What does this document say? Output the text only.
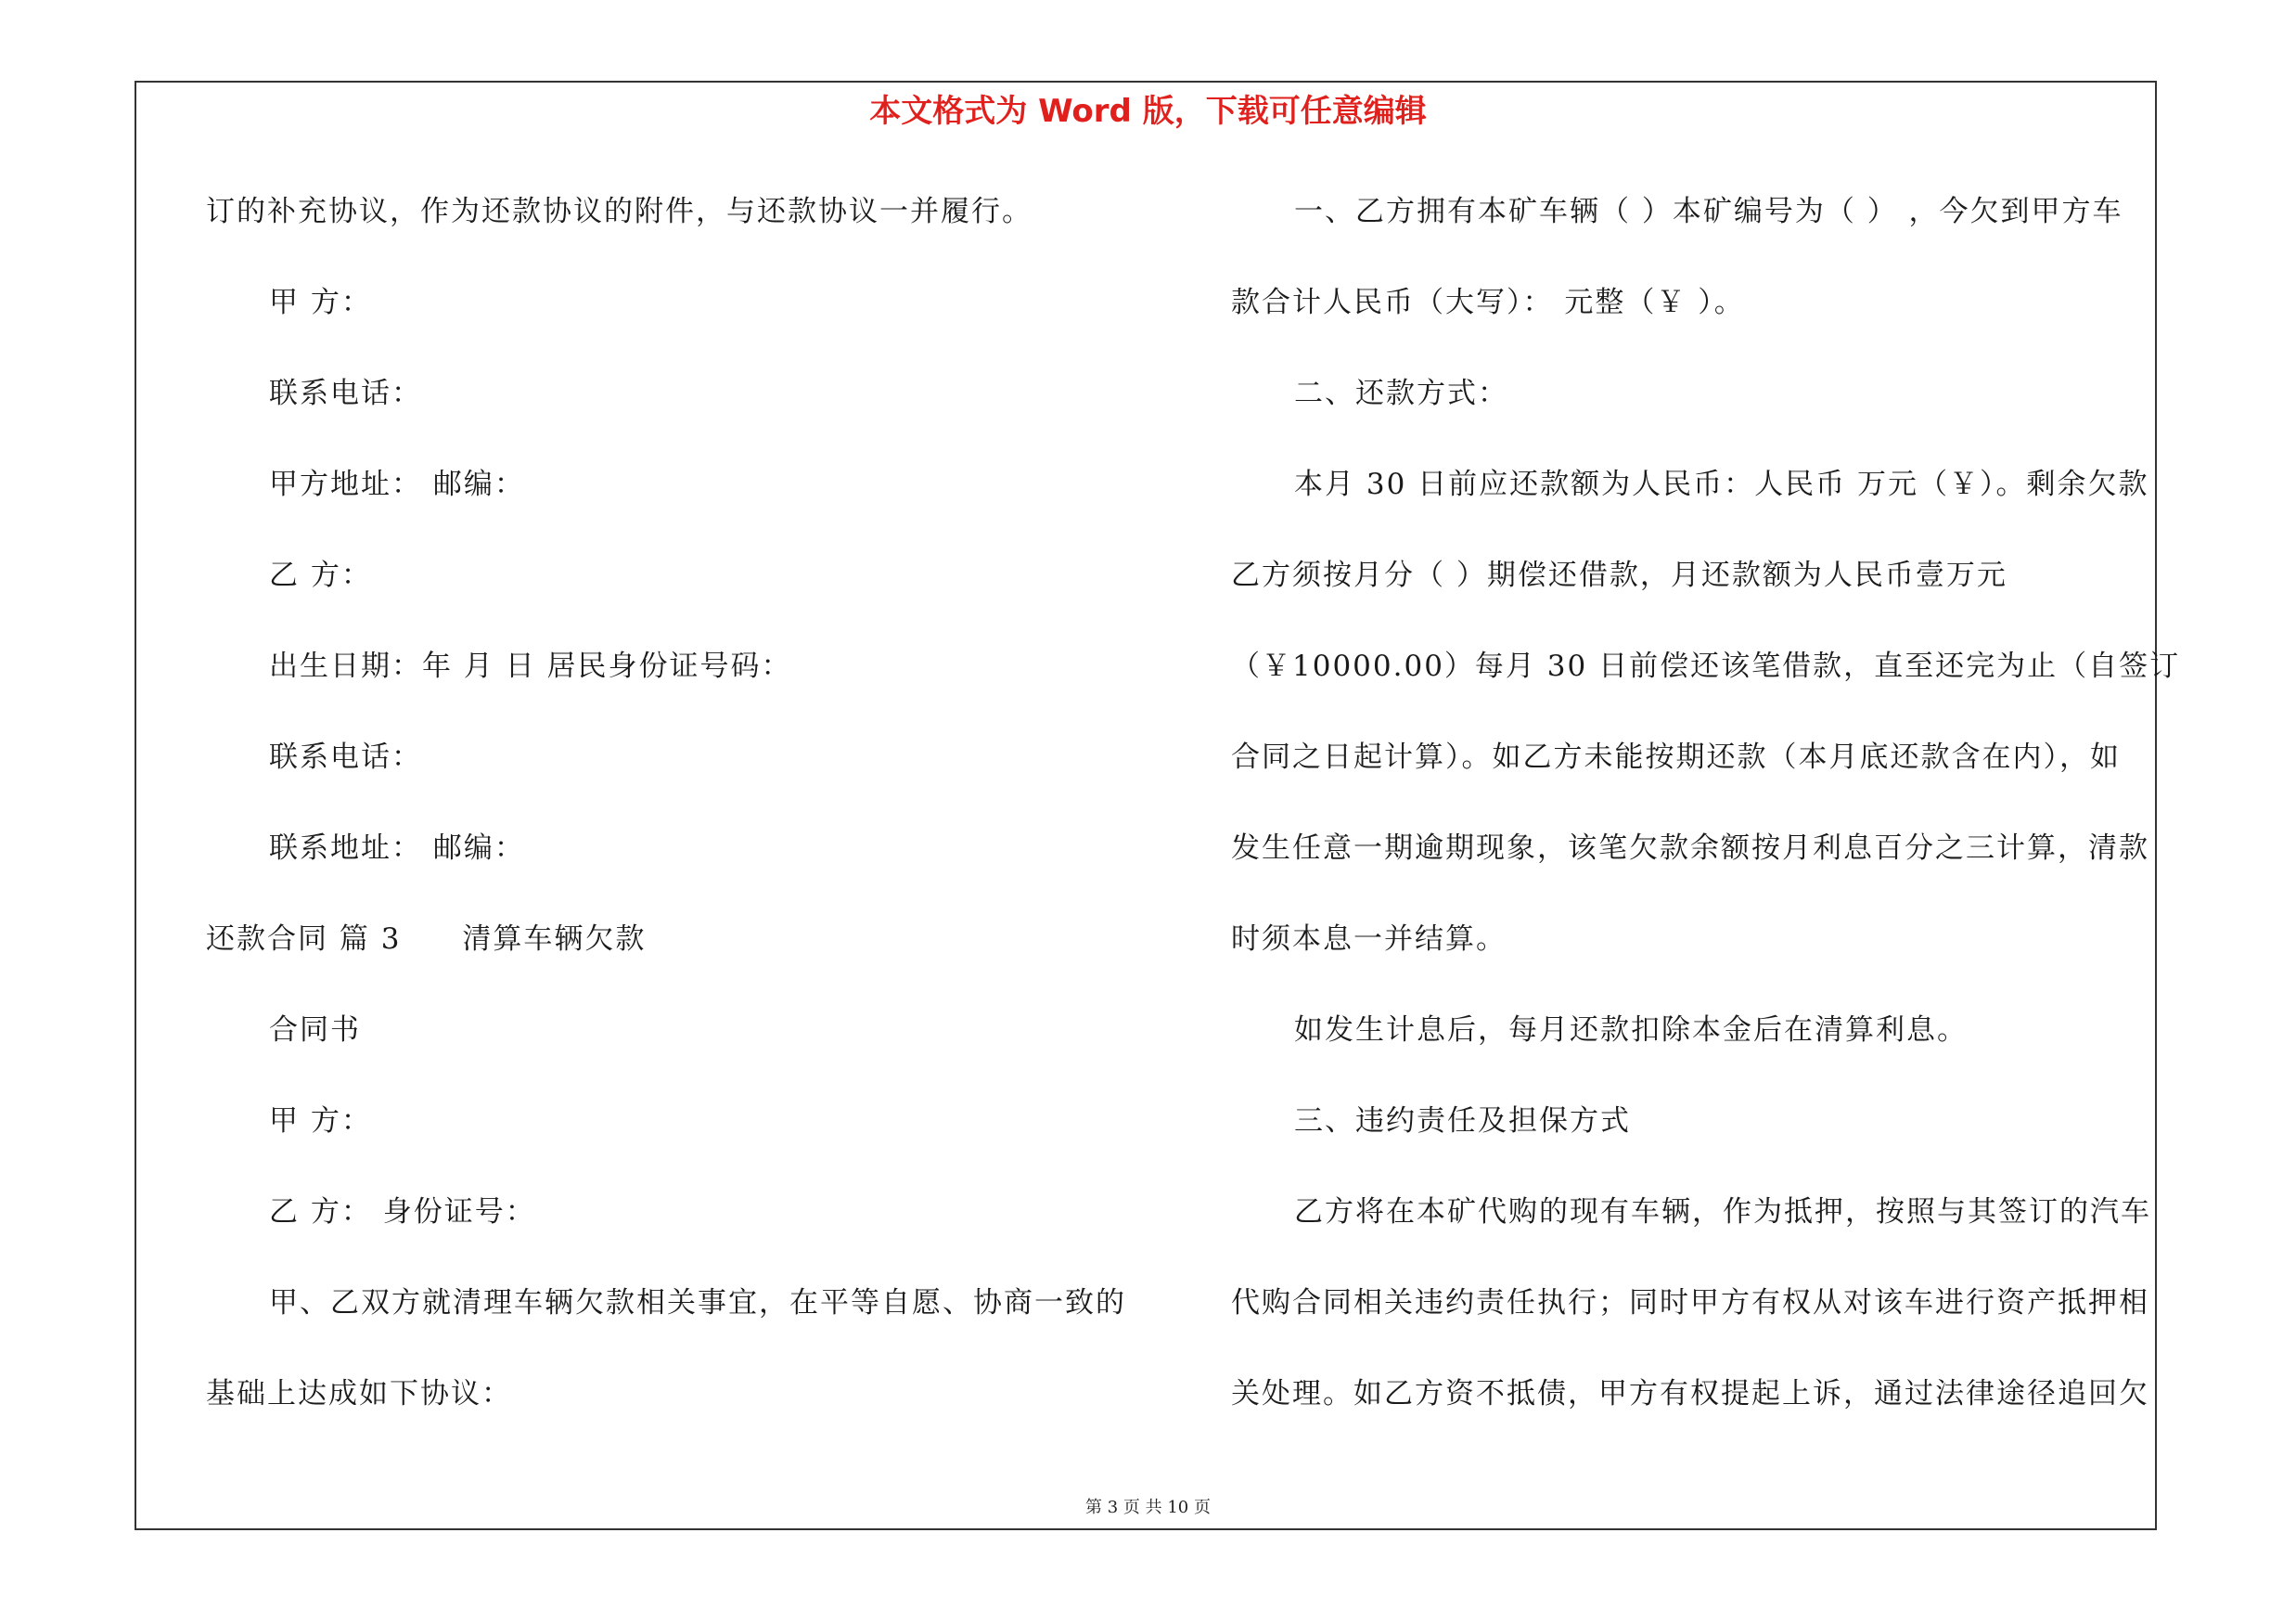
本文格式为 Word 版，下载可任意编辑
订的补充协议，作为还款协议的附件，与还款协议一并履行。
甲 方：
联系电话：
甲方地址： 邮编：
乙 方：
出生日期：年 月 日 居民身份证号码：
联系电话：
联系地址： 邮编：
还款合同 篇 3　　清算车辆欠款
合同书
甲 方：
乙 方： 身份证号：
甲、乙双方就清理车辆欠款相关事宜，在平等自愿、协商一致的
基础上达成如下协议：
一、乙方拥有本矿车辆（ ）本矿编号为（ ） ，今欠到甲方车
款合计人民币（大写）： 元整（￥ ）。
二、还款方式：
本月 30 日前应还款额为人民币：人民币 万元（￥）。剩余欠款
乙方须按月分（ ）期偿还借款，月还款额为人民币壹万元
（￥10000.00）每月 30 日前偿还该笔借款，直至还完为止（自签订
合同之日起计算）。如乙方未能按期还款（本月底还款含在内），如
发生任意一期逾期现象，该笔欠款余额按月利息百分之三计算，清款
时须本息一并结算。
如发生计息后，每月还款扣除本金后在清算利息。
三、违约责任及担保方式
乙方将在本矿代购的现有车辆，作为抵押，按照与其签订的汽车
代购合同相关违约责任执行；同时甲方有权从对该车进行资产抵押相
关处理。如乙方资不抵债，甲方有权提起上诉，通过法律途径追回欠
第 3 页 共 10 页
